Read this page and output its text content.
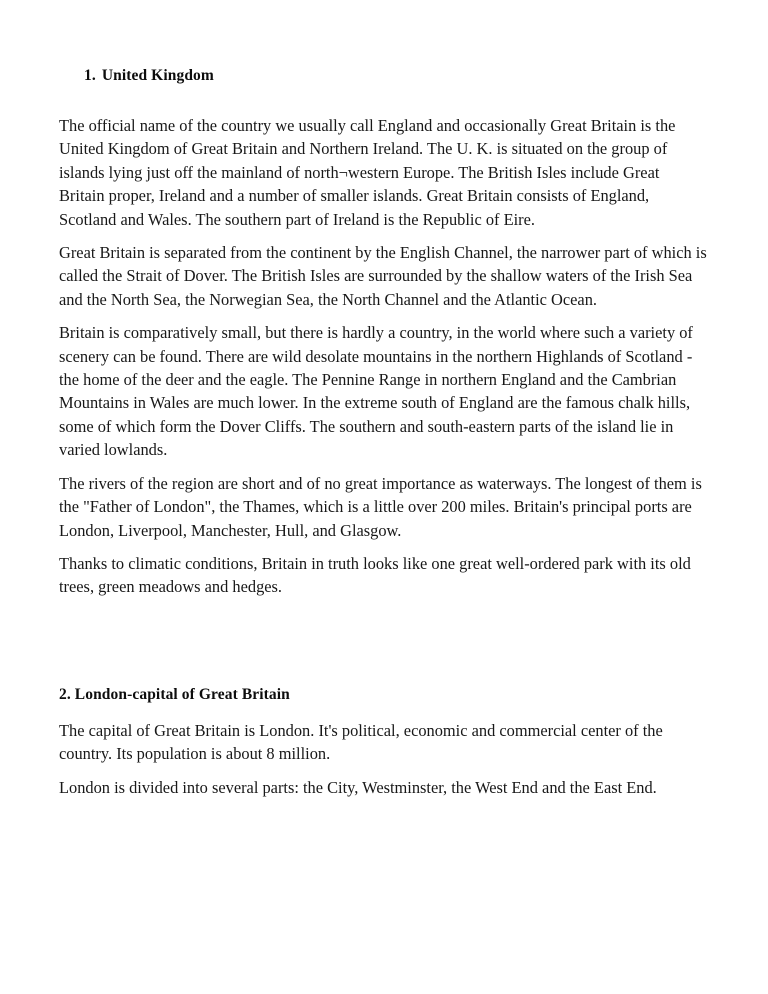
1. United Kingdom

The official name of the country we usually call England and occasionally Great Britain is the United Kingdom of Great Britain and Northern Ireland. The U. K. is situated on the group of islands lying just off the mainland of north¬western Europe. The British Isles include Great Britain proper, Ireland and a number of smaller islands. Great Britain consists of England, Scotland and Wales. The southern part of Ireland is the Republic of Eire.

Great Britain is separated from the continent by the English Channel, the narrower part of which is called the Strait of Dover. The British Isles are surrounded by the shallow waters of the Irish Sea and the North Sea, the Norwegian Sea, the North Channel and the Atlantic Ocean.

Britain is comparatively small, but there is hardly a country, in the world where such a variety of scenery can be found. There are wild desolate mountains in the northern Highlands of Scotland - the home of the deer and the eagle. The Pennine Range in northern England and the Cambrian Mountains in Wales are much lower. In the extreme south of England are the famous chalk hills, some of which form the Dover Cliffs. The southern and south-eastern parts of the island lie in varied lowlands.

The rivers of the region are short and of no great importance as waterways. The longest of them is the "Father of London", the Thames, which is a little over 200 miles. Britain's principal ports are London, Liverpool, Manchester, Hull, and Glasgow.

Thanks to climatic conditions, Britain in truth looks like one great well-ordered park with its old trees, green meadows and hedges.

2. London-capital of Great Britain

The capital of Great Britain is London. It's political, economic and commercial center of the country. Its population is about 8 million.

London is divided into several parts: the City, Westminster, the West End and the East End.
